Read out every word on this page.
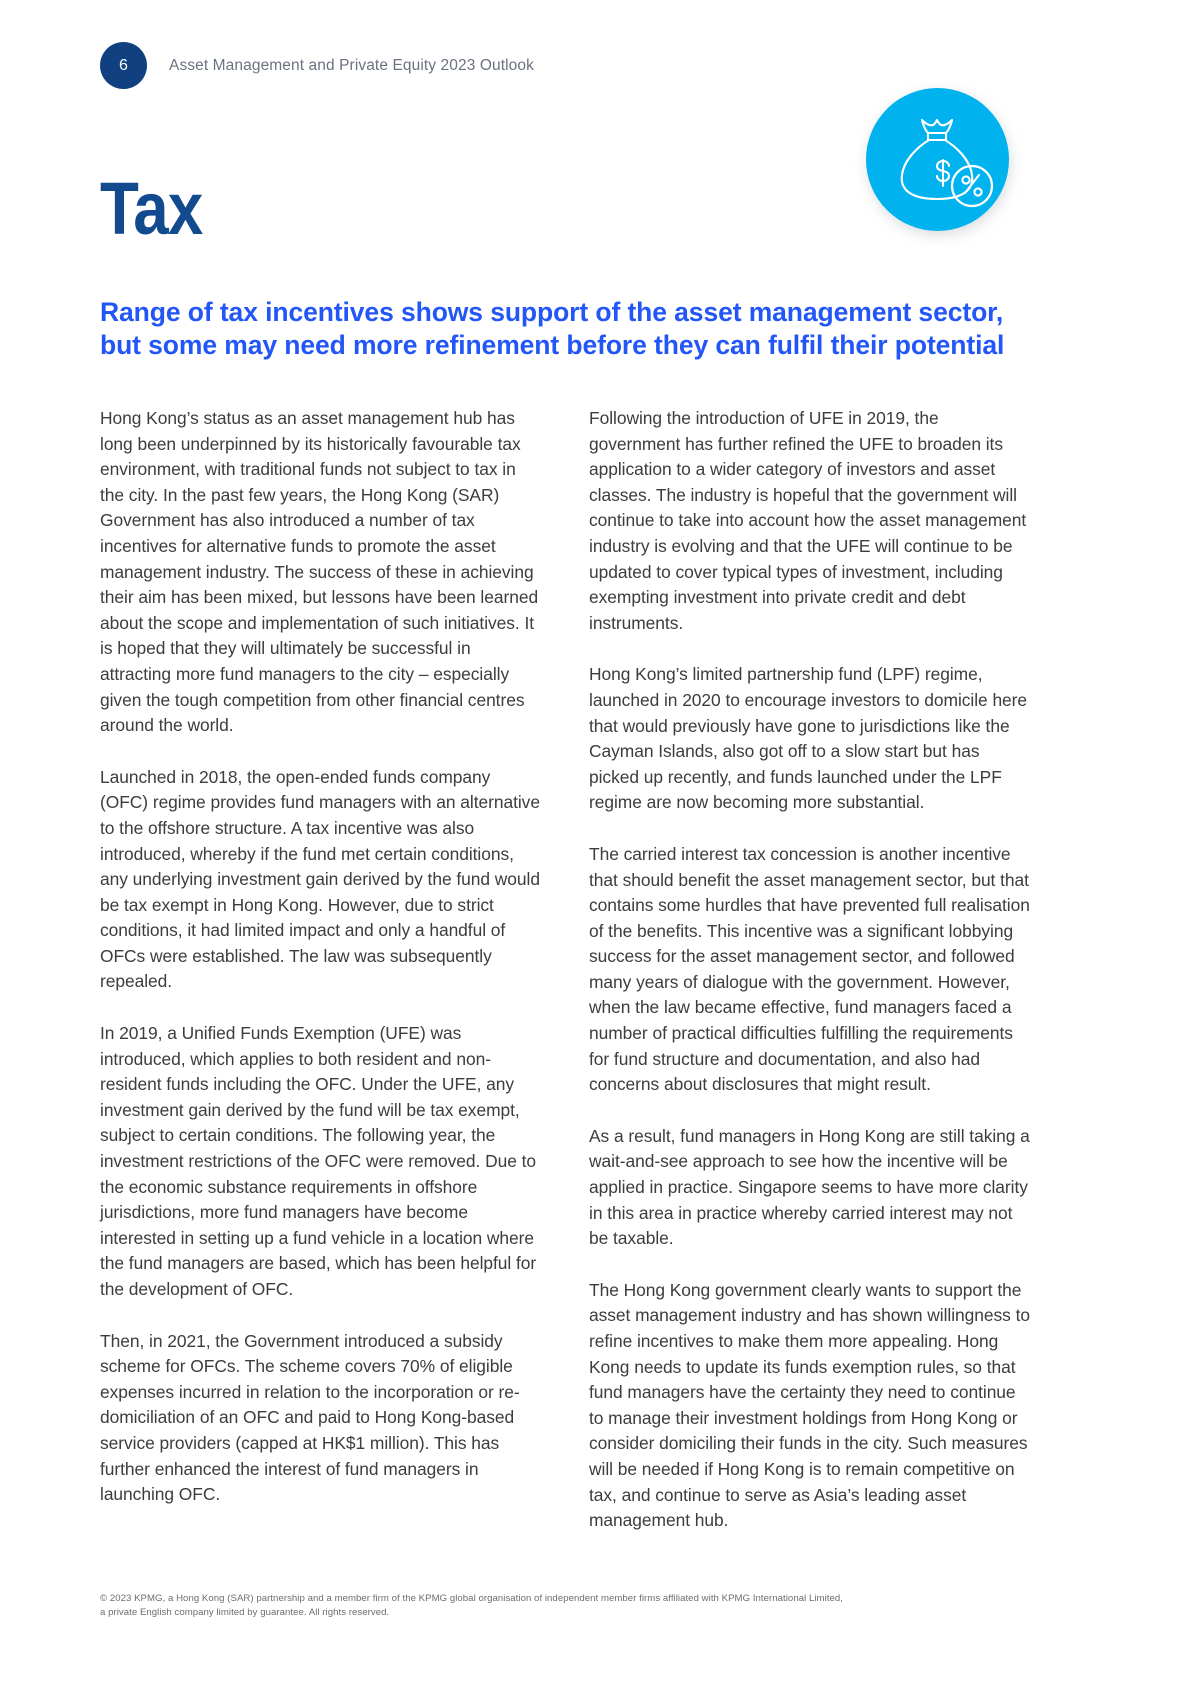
6	Asset Management and Private Equity 2023 Outlook
Tax
Range of tax incentives shows support of the asset management sector,
but some may need more refinement before they can fulfil their potential

Hong Kong’s status as an asset management hub has long been underpinned by its historically favourable tax environment, with traditional funds not subject to tax in the city. In the past few years, the Hong Kong (SAR) Government has also introduced a number of tax incentives for alternative funds to promote the asset management industry. The success of these in achieving their aim has been mixed, but lessons have been learned about the scope and implementation of such initiatives. It is hoped that they will ultimately be successful in attracting more fund managers to the city – especially given the tough competition from other financial centres around the world.

Launched in 2018, the open-ended funds company (OFC) regime provides fund managers with an alternative to the offshore structure. A tax incentive was also introduced, whereby if the fund met certain conditions, any underlying investment gain derived by the fund would be tax exempt in Hong Kong. However, due to strict conditions, it had limited impact and only a handful of OFCs were established. The law was subsequently repealed.

In 2019, a Unified Funds Exemption (UFE) was introduced, which applies to both resident and non-resident funds including the OFC. Under the UFE, any investment gain derived by the fund will be tax exempt, subject to certain conditions. The following year, the investment restrictions of the OFC were removed. Due to the economic substance requirements in offshore jurisdictions, more fund managers have become interested in setting up a fund vehicle in a location where the fund managers are based, which has been helpful for the development of OFC.

Then, in 2021, the Government introduced a subsidy scheme for OFCs. The scheme covers 70% of eligible expenses incurred in relation to the incorporation or re-domiciliation of an OFC and paid to Hong Kong-based service providers (capped at HK$1 million). This has further enhanced the interest of fund managers in launching OFC.

Following the introduction of UFE in 2019, the government has further refined the UFE to broaden its application to a wider category of investors and asset classes. The industry is hopeful that the government will continue to take into account how the asset management industry is evolving and that the UFE will continue to be updated to cover typical types of investment, including exempting investment into private credit and debt instruments.

Hong Kong’s limited partnership fund (LPF) regime, launched in 2020 to encourage investors to domicile here that would previously have gone to jurisdictions like the Cayman Islands, also got off to a slow start but has picked up recently, and funds launched under the LPF regime are now becoming more substantial.

The carried interest tax concession is another incentive that should benefit the asset management sector, but that contains some hurdles that have prevented full realisation of the benefits. This incentive was a significant lobbying success for the asset management sector, and followed many years of dialogue with the government. However, when the law became effective, fund managers faced a number of practical difficulties fulfilling the requirements for fund structure and documentation, and also had concerns about disclosures that might result.

As a result, fund managers in Hong Kong are still taking a wait-and-see approach to see how the incentive will be applied in practice. Singapore seems to have more clarity in this area in practice whereby carried interest may not be taxable.

The Hong Kong government clearly wants to support the asset management industry and has shown willingness to refine incentives to make them more appealing. Hong Kong needs to update its funds exemption rules, so that fund managers have the certainty they need to continue to manage their investment holdings from Hong Kong or consider domiciling their funds in the city. Such measures will be needed if Hong Kong is to remain competitive on tax, and continue to serve as Asia’s leading asset management hub.

© 2023 KPMG, a Hong Kong (SAR) partnership and a member firm of the KPMG global organisation of independent member firms affiliated with KPMG International Limited,
a private English company limited by guarantee. All rights reserved.
